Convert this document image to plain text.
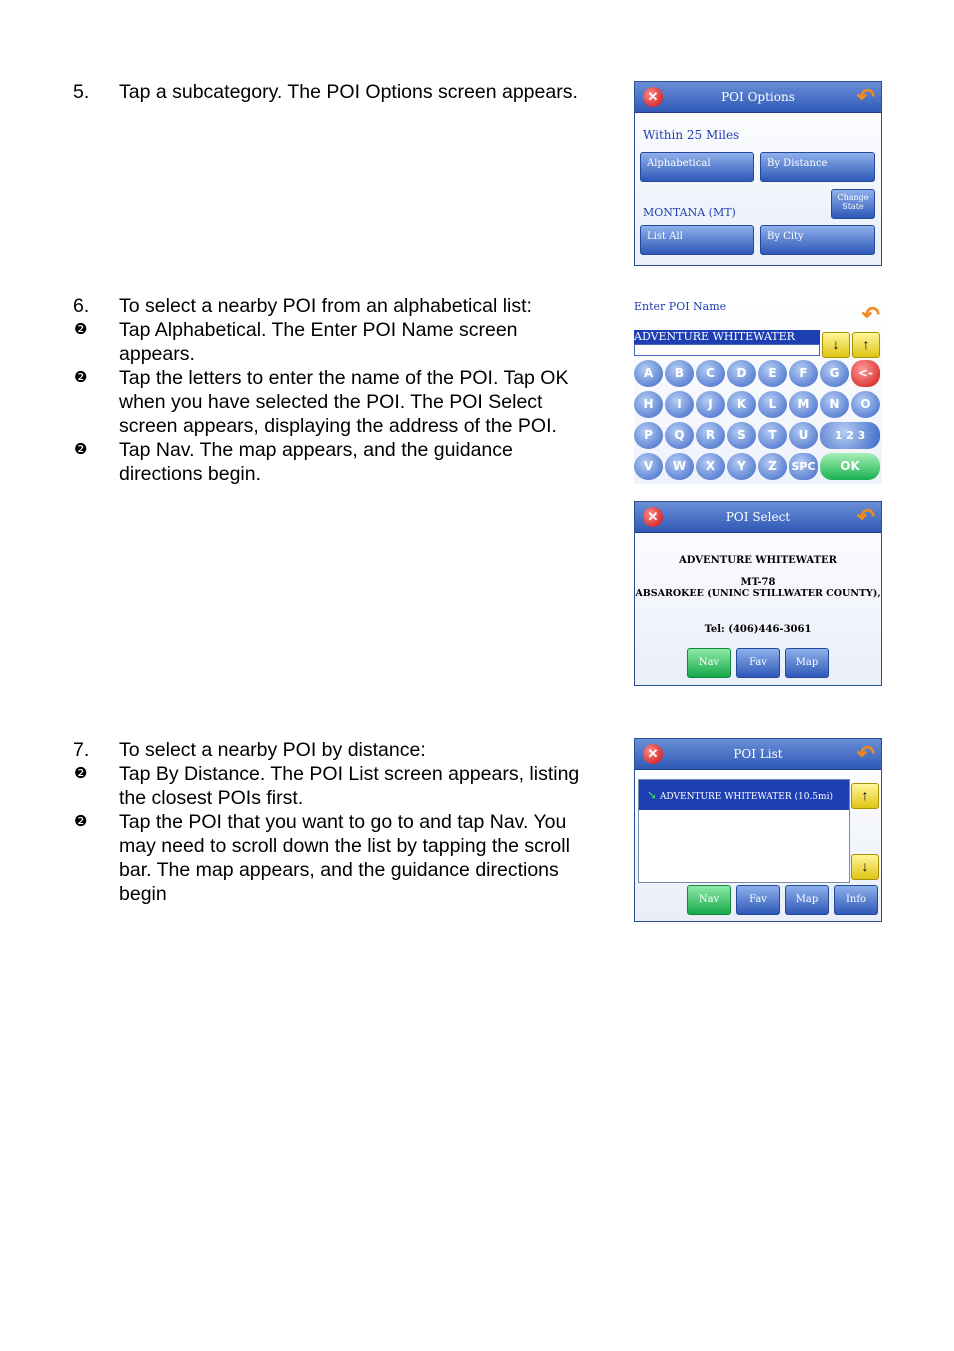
5. Tap a subcategory. The POI Options screen appears.
6. To select a nearby POI from an alphabetical list:
❷ Tap Alphabetical. The Enter POI Name screen
appears.
❷ Tap the letters to enter the name of the POI. Tap OK
when you have selected the POI. The POI Select
screen appears, displaying the address of the POI.
❷ Tap Nav. The map appears, and the guidance
directions begin.
7. To select a nearby POI by distance:
❷ Tap By Distance. The POI List screen appears, listing
the closest POIs first.
❷ Tap the POI that you want to go to and tap Nav. You
may need to scroll down the list by tapping the scroll
bar. The map appears, and the guidance directions
begin
✕	POI Options	↶
Within 25 Miles
Alphabetical	By Distance
MONTANA (MT)
Change State
List All	By City
Enter POI Name	↶
ADVENTURE WHITEWATER	↓	↑
A	B	C	D	E	F	G	<-
H	I	J	K	L	M	N	O
P	Q	R	S	T	U	1 2 3
V	W	X	Y	Z	SPC	OK
✕	POI Select	↶
ADVENTURE WHITEWATER
MT-78
ABSAROKEE (UNINC STILLWATER COUNTY),
Tel: (406)446-3061
Nav	Fav	Map
✕	POI List	↶
➘ ADVENTURE WHITEWATER (10.5mi)	↑
↓
Nav	Fav	Map	Info
